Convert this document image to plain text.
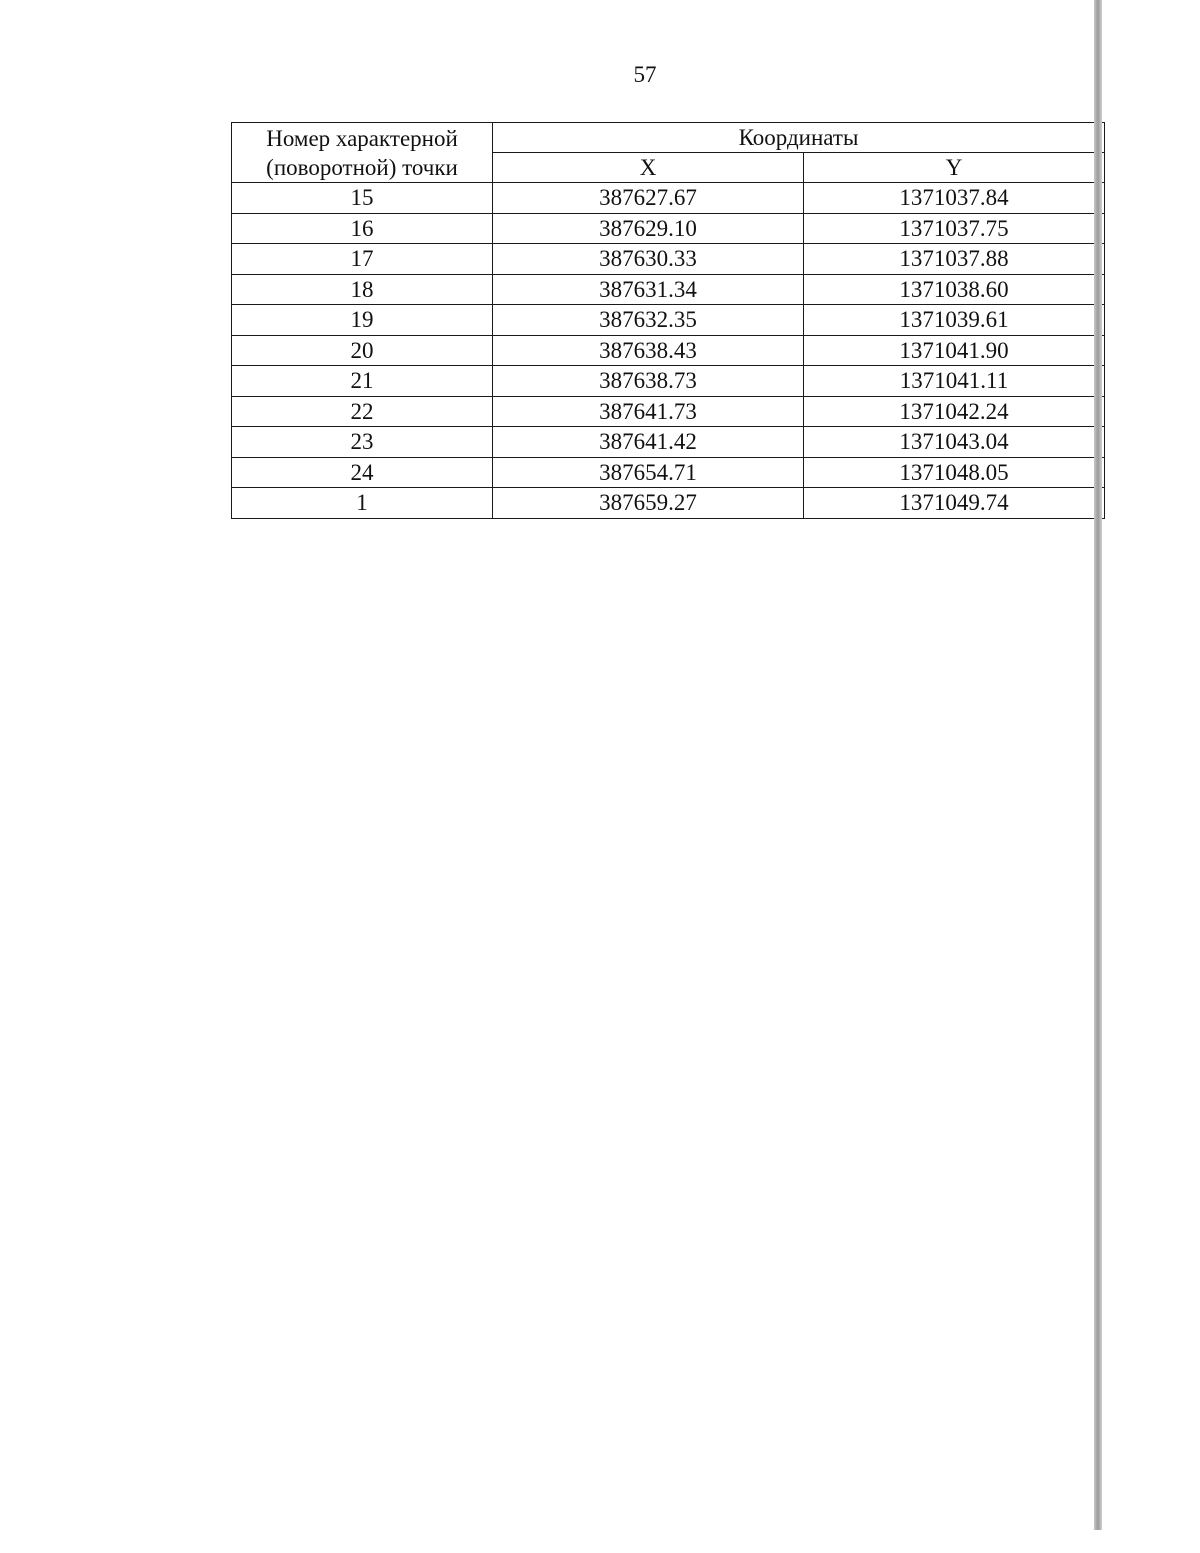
57
Номер характерной
(поворотной) точки	Координаты	
	X	Y
15	387627.67	1371037.84
16	387629.10	1371037.75
17	387630.33	1371037.88
18	387631.34	1371038.60
19	387632.35	1371039.61
20	387638.43	1371041.90
21	387638.73	1371041.11
22	387641.73	1371042.24
23	387641.42	1371043.04
24	387654.71	1371048.05
1	387659.27	1371049.74
